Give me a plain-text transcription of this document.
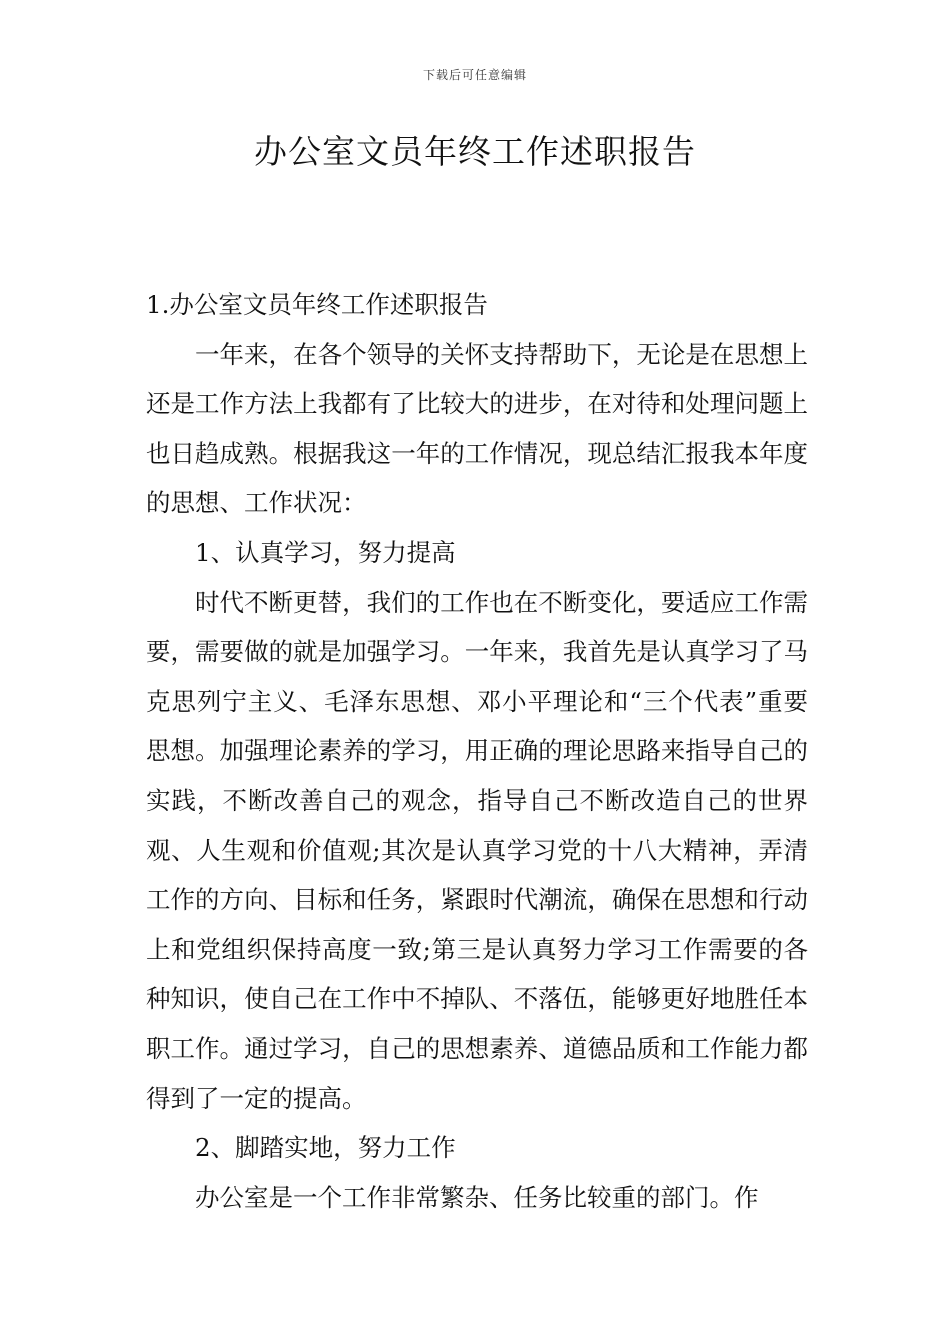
下载后可任意编辑
办公室文员年终工作述职报告

1.办公室文员年终工作述职报告

一年来，在各个领导的关怀支持帮助下，无论是在思想上还是工作方法上我都有了比较大的进步，在对待和处理问题上也日趋成熟。根据我这一年的工作情况，现总结汇报我本年度的思想、工作状况：

1、认真学习，努力提高

时代不断更替，我们的工作也在不断变化，要适应工作需要，需要做的就是加强学习。一年来，我首先是认真学习了马克思列宁主义、毛泽东思想、邓小平理论和“三个代表”重要思想。加强理论素养的学习，用正确的理论思路来指导自己的实践，不断改善自己的观念，指导自己不断改造自己的世界观、人生观和价值观;其次是认真学习党的十八大精神，弄清工作的方向、目标和任务，紧跟时代潮流，确保在思想和行动上和党组织保持高度一致;第三是认真努力学习工作需要的各种知识，使自己在工作中不掉队、不落伍，能够更好地胜任本职工作。通过学习，自己的思想素养、道德品质和工作能力都得到了一定的提高。

2、脚踏实地，努力工作

办公室是一个工作非常繁杂、任务比较重的部门。作
